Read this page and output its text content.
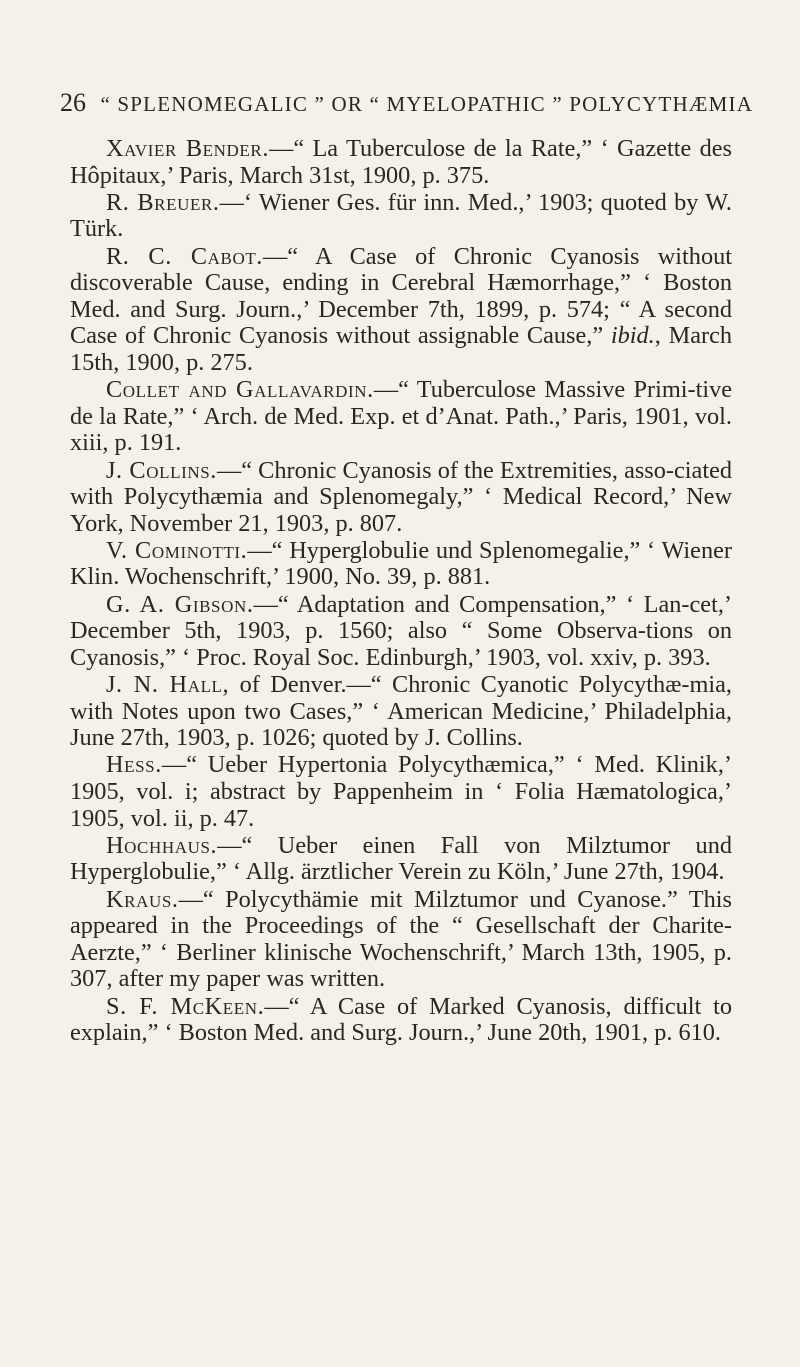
26 “ SPLENOMEGALIC ” OR “ MYELOPATHIC ” POLYCYTHÆMIA

Xavier Bender.—“ La Tuberculose de la Rate,” ‘ Gazette des Hôpitaux,’ Paris, March 31st, 1900, p. 375.

R. Breuer.—‘ Wiener Ges. für inn. Med.,’ 1903; quoted by W. Türk.

R. C. Cabot.—“ A Case of Chronic Cyanosis without discoverable Cause, ending in Cerebral Hæmorrhage,” ‘ Boston Med. and Surg. Journ.,’ December 7th, 1899, p. 574; “ A second Case of Chronic Cyanosis without assignable Cause,” ibid., March 15th, 1900, p. 275.

Collet and Gallavardin.—“ Tuberculose Massive Primi-tive de la Rate,” ‘ Arch. de Med. Exp. et d’Anat. Path.,’ Paris, 1901, vol. xiii, p. 191.

J. Collins.—“ Chronic Cyanosis of the Extremities, asso-ciated with Polycythæmia and Splenomegaly,” ‘ Medical Record,’ New York, November 21, 1903, p. 807.

V. Cominotti.—“ Hyperglobulie und Splenomegalie,” ‘ Wiener Klin. Wochenschrift,’ 1900, No. 39, p. 881.

G. A. Gibson.—“ Adaptation and Compensation,” ‘ Lan-cet,’ December 5th, 1903, p. 1560; also “ Some Observa-tions on Cyanosis,” ‘ Proc. Royal Soc. Edinburgh,’ 1903, vol. xxiv, p. 393.

J. N. Hall, of Denver.—“ Chronic Cyanotic Polycythæ-mia, with Notes upon two Cases,” ‘ American Medicine,’ Philadelphia, June 27th, 1903, p. 1026; quoted by J. Collins.

Hess.—“ Ueber Hypertonia Polycythæmica,” ‘ Med. Klinik,’ 1905, vol. i; abstract by Pappenheim in ‘ Folia Hæmatologica,’ 1905, vol. ii, p. 47.

Hochhaus.—“ Ueber einen Fall von Milztumor und Hyperglobulie,” ‘ Allg. ärztlicher Verein zu Köln,’ June 27th, 1904.

Kraus.—“ Polycythämie mit Milztumor und Cyanose.” This appeared in the Proceedings of the “ Gesellschaft der Charite-Aerzte,” ‘ Berliner klinische Wochenschrift,’ March 13th, 1905, p. 307, after my paper was written.

S. F. McKeen.—“ A Case of Marked Cyanosis, difficult to explain,” ‘ Boston Med. and Surg. Journ.,’ June 20th, 1901, p. 610.
